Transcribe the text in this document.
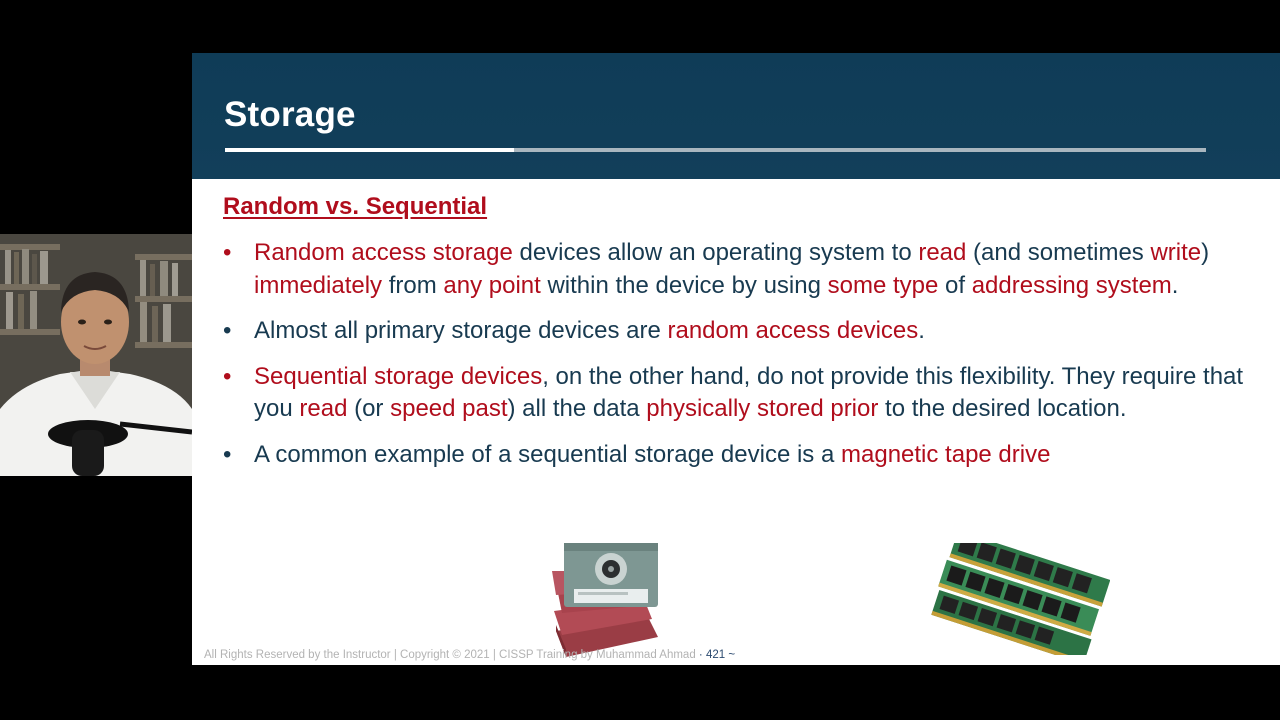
Storage
Random vs. Sequential
• Random access storage devices allow an operating system to read (and sometimes write) immediately from any point within the device by using some type of addressing system.
• Almost all primary storage devices are random access devices.
• Sequential storage devices, on the other hand, do not provide this flexibility. They require that you read (or speed past) all the data physically stored prior to the desired location.
• A common example of a sequential storage device is a magnetic tape drive
All Rights Reserved by the Instructor | Copyright © 2021 | CISSP Training by Muhammad Ahmad · 421 ~
